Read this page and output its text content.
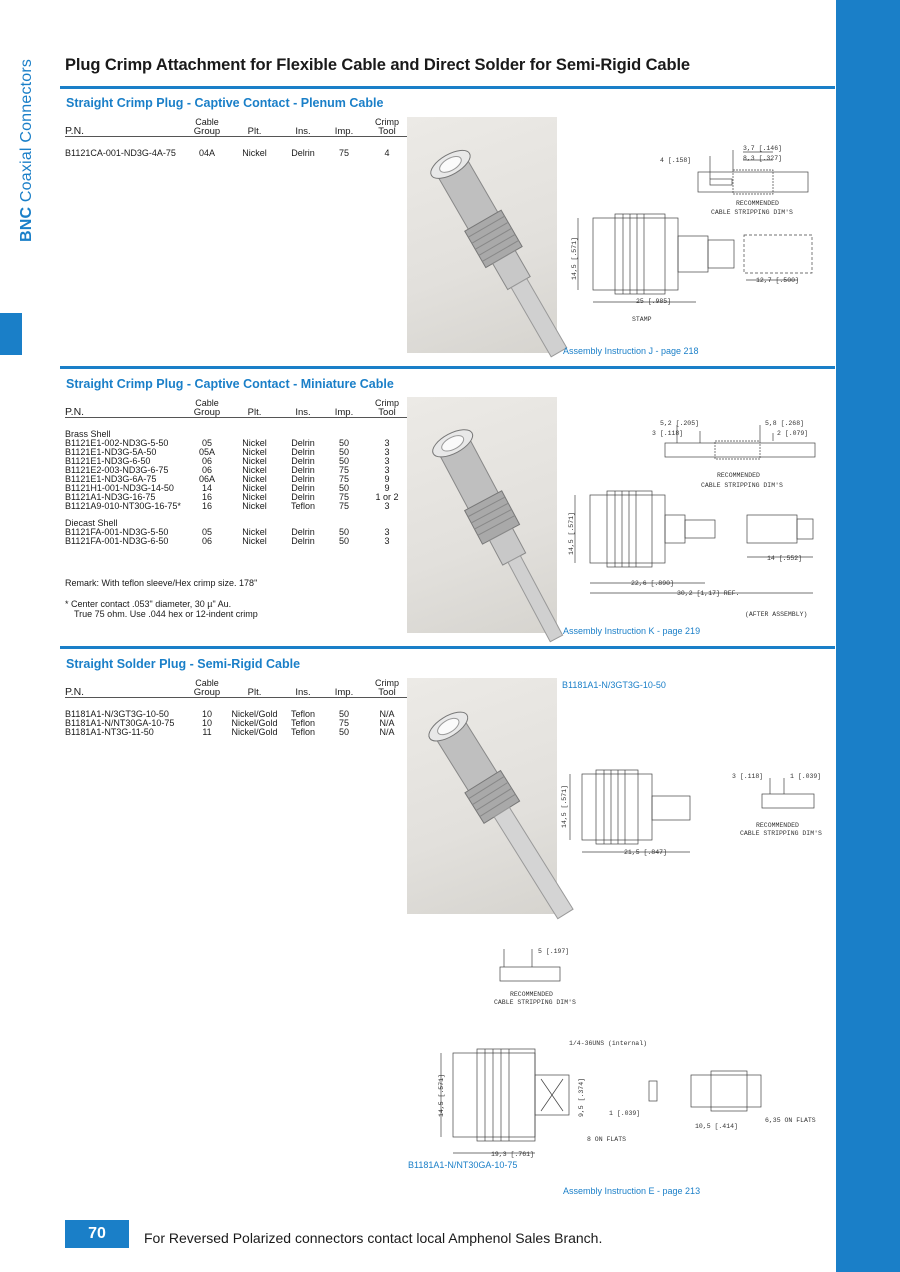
BNC Coaxial Connectors Plug Crimp Attachment for Flexible Cable and Direct Solder for Semi-Rigid Cable
Straight Crimp Plug - Captive Contact - Plenum Cable
	Cable				Crimp
P.N.	Group	Plt.	Ins.	Imp.	Tool

B1121CA-001-ND3G-4A-75	04A	Nickel	Delrin	75	4
4 [.158]
3,7 [.146]
8,3 [.327]
RECOMMENDED
CABLE STRIPPING DIM'S
14,5 [.571]
25 [.985]
12,7 [.500]
STAMP
Assembly Instruction J - page 218
Straight Crimp Plug - Captive Contact - Miniature Cable
	Cable				Crimp
P.N.	Group	Plt.	Ins.	Imp.	Tool

Brass Shell					
B1121E1-002-ND3G-5-50	05	Nickel	Delrin	50	3
B1121E1-ND3G-5A-50	05A	Nickel	Delrin	50	3
B1121E1-ND3G-6-50	06	Nickel	Delrin	50	3
B1121E2-003-ND3G-6-75	06	Nickel	Delrin	75	3
B1121E1-ND3G-6A-75	06A	Nickel	Delrin	75	9
B1121H1-001-ND3G-14-50	14	Nickel	Delrin	50	9
B1121A1-ND3G-16-75	16	Nickel	Delrin	75	1 or 2
B1121A9-010-NT30G-16-75*	16	Nickel	Teflon	75	3

Diecast Shell					
B1121FA-001-ND3G-5-50	05	Nickel	Delrin	50	3
B1121FA-001-ND3G-6-50	06	Nickel	Delrin	50	3
Remark: With teflon sleeve/Hex crimp size. 178"
* Center contact .053" diameter, 30 µ" Au.
True 75 ohm. Use .044 hex or 12-indent crimp
5,2 [.205]
3 [.118]
5,8 [.268]
2 [.079]
RECOMMENDED
CABLE STRIPPING DIM'S
14,5 [.571]
22,6 [.890]
30,2 [1,17] REF.
14 [.552]
(AFTER ASSEMBLY)
Assembly Instruction K - page 219
Straight Solder Plug - Semi-Rigid Cable
	Cable				Crimp
P.N.	Group	Plt.	Ins.	Imp.	Tool

B1181A1-N/3GT3G-10-50	10	Nickel/Gold	Teflon	50	N/A
B1181A1-N/NT30GA-10-75	10	Nickel/Gold	Teflon	75	N/A
B1181A1-NT3G-11-50	11	Nickel/Gold	Teflon	50	N/A
B1181A1-N/3GT3G-10-50
14,5 [.571]
21,5 [.847]
3 [.118]	1 [.039]
RECOMMENDED
CABLE STRIPPING DIM'S
5 [.197]
RECOMMENDED
CABLE STRIPPING DIM'S
1/4-36UNS (internal)
14,5 [.571]	9,5 [.374]	1 [.039]
8 ON FLATS
19,3 [.761]
10,5 [.414]
6,35 ON FLATS
B1181A1-N/NT30GA-10-75
Assembly Instruction E - page 213
70	For Reversed Polarized connectors contact local Amphenol Sales Branch.
